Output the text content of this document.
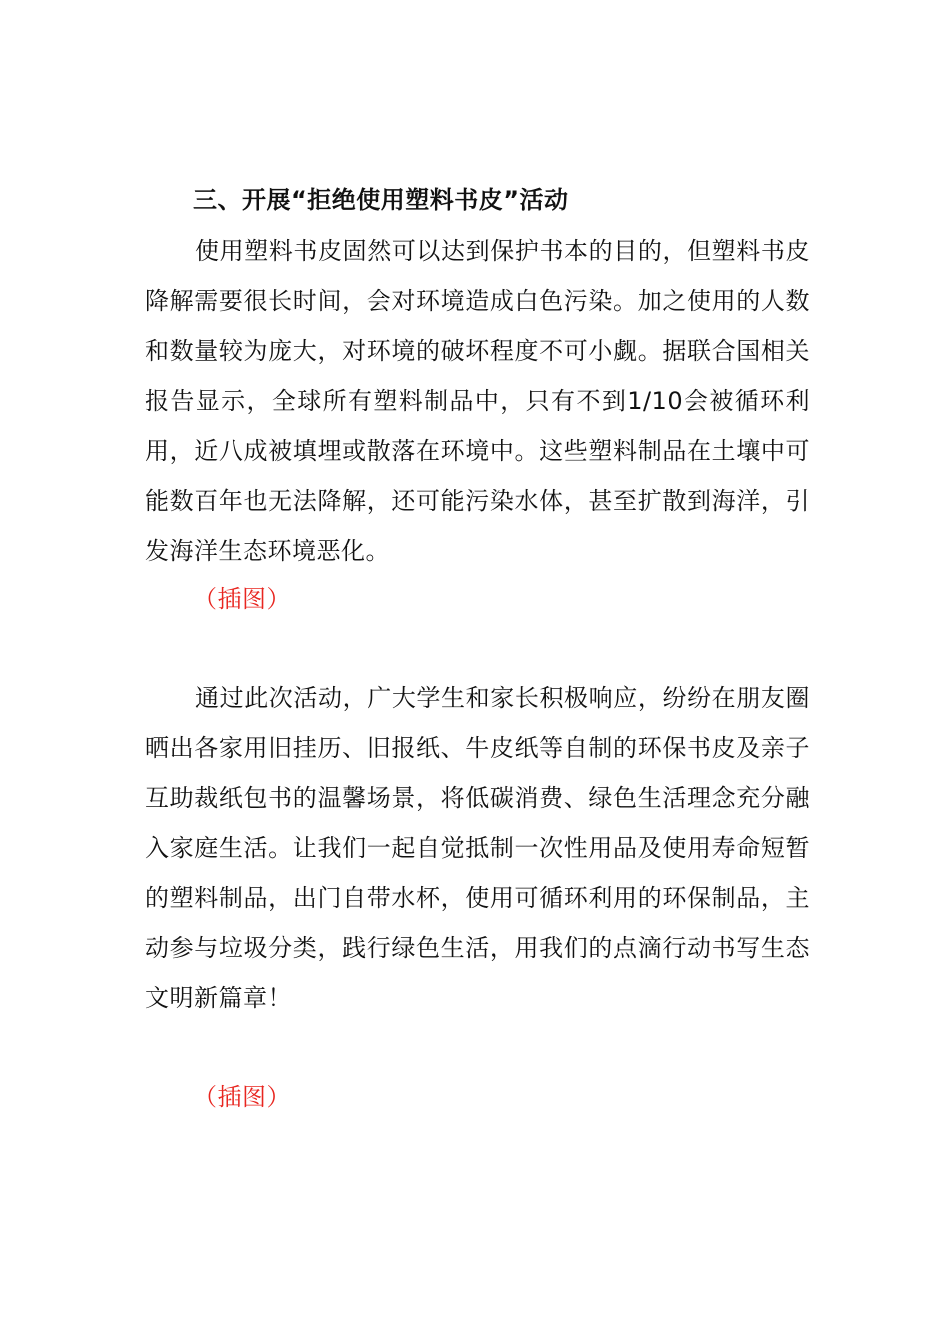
三、开展“拒绝使用塑料书皮”活动
使用塑料书皮固然可以达到保护书本的目的，但塑料书皮降解需要很长时间，会对环境造成白色污染。加之使用的人数和数量较为庞大，对环境的破坏程度不可小觑。据联合国相关报告显示，全球所有塑料制品中，只有不到1/10会被循环利用，近八成被填埋或散落在环境中。这些塑料制品在土壤中可能数百年也无法降解，还可能污染水体，甚至扩散到海洋，引发海洋生态环境恶化。
（插图）
通过此次活动，广大学生和家长积极响应，纷纷在朋友圈晒出各家用旧挂历、旧报纸、牛皮纸等自制的环保书皮及亲子互助裁纸包书的温馨场景，将低碳消费、绿色生活理念充分融入家庭生活。让我们一起自觉抵制一次性用品及使用寿命短暂的塑料制品，出门自带水杯，使用可循环利用的环保制品，主动参与垃圾分类，践行绿色生活，用我们的点滴行动书写生态文明新篇章！
（插图）
